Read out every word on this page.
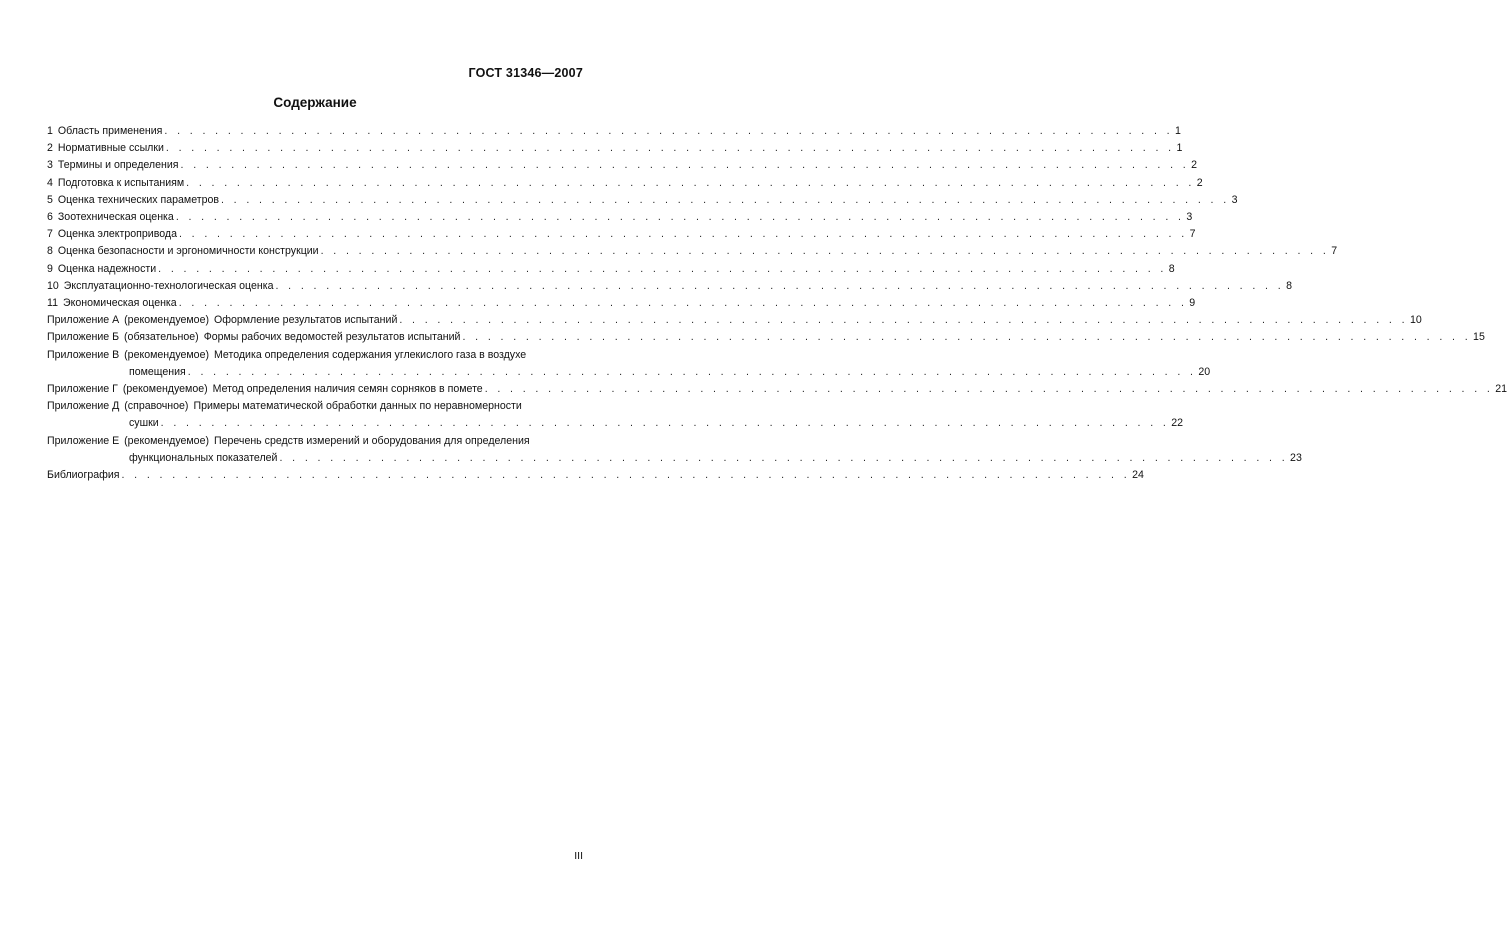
ГОСТ 31346—2007
Содержание
1 Область применения . . . . . . . . . . . . . . . . . . . . . . . . . . . . . . . . . . . . . . . . . . . . . . . . . . . . . . . . . . . . . . . . . . . . . . . . . . . . . . . . 1
2 Нормативные ссылки . . . . . . . . . . . . . . . . . . . . . . . . . . . . . . . . . . . . . . . . . . . . . . . . . . . . . . . . . . . . . . . . . . . . . . . . . . . . . . . . 1
3 Термины и определения . . . . . . . . . . . . . . . . . . . . . . . . . . . . . . . . . . . . . . . . . . . . . . . . . . . . . . . . . . . . . . . . . . . . . . . . . . . . . . . . 2
4 Подготовка к испытаниям . . . . . . . . . . . . . . . . . . . . . . . . . . . . . . . . . . . . . . . . . . . . . . . . . . . . . . . . . . . . . . . . . . . . . . . . . . . . . . . . 2
5 Оценка технических параметров . . . . . . . . . . . . . . . . . . . . . . . . . . . . . . . . . . . . . . . . . . . . . . . . . . . . . . . . . . . . . . . . . . . . . . . . . . . . . . . . 3
6 Зоотехническая оценка . . . . . . . . . . . . . . . . . . . . . . . . . . . . . . . . . . . . . . . . . . . . . . . . . . . . . . . . . . . . . . . . . . . . . . . . . . . . . . . . 3
7 Оценка электропривода . . . . . . . . . . . . . . . . . . . . . . . . . . . . . . . . . . . . . . . . . . . . . . . . . . . . . . . . . . . . . . . . . . . . . . . . . . . . . . . . 7
8 Оценка безопасности и эргономичности конструкции . . . . . . . . . . . . . . . . . . . . . . . . . . . . . . . . . . . . . . . . . . . . . . . . . . . . . . . . . . . . . . . . . . . . . . . . . . . . . . . . 7
9 Оценка надежности . . . . . . . . . . . . . . . . . . . . . . . . . . . . . . . . . . . . . . . . . . . . . . . . . . . . . . . . . . . . . . . . . . . . . . . . . . . . . . . . 8
10 Эксплуатационно-технологическая оценка . . . . . . . . . . . . . . . . . . . . . . . . . . . . . . . . . . . . . . . . . . . . . . . . . . . . . . . . . . . . . . . . . . . . . . . . . . . . . . . . 8
11 Экономическая оценка . . . . . . . . . . . . . . . . . . . . . . . . . . . . . . . . . . . . . . . . . . . . . . . . . . . . . . . . . . . . . . . . . . . . . . . . . . . . . . . . 9
Приложение А (рекомендуемое) Оформление результатов испытаний . . . . . . . . . . . . . . . . . . . . . . . . . . . . . . . . . . . . . . . . . . . . . . . . . . . . . . . . . . . . . . . . . . . . . . . . . . . . . . . . 10
Приложение Б (обязательное) Формы рабочих ведомостей результатов испытаний . . . . . . . . . . . . . . . . . . . . . . . . . . . . . . . . . . . . . . . . . . . . . . . . . . . . . . . . . . . . . . . . . . . . . . . . . . . . . . . . 15
Приложение В (рекомендуемое) Методика определения содержания углекислого газа в воздухе
помещения . . . . . . . . . . . . . . . . . . . . . . . . . . . . . . . . . . . . . . . . . . . . . . . . . . . . . . . . . . . . . . . . . . . . . . . . . . . . . . . . 20
Приложение Г (рекомендуемое) Метод определения наличия семян сорняков в помете . . . . . . . . . . . . . . . . . . . . . . . . . . . . . . . . . . . . . . . . . . . . . . . . . . . . . . . . . . . . . . . . . . . . . . . . . . . . . . . . 21
Приложение Д (справочное) Примеры математической обработки данных по неравномерности
сушки . . . . . . . . . . . . . . . . . . . . . . . . . . . . . . . . . . . . . . . . . . . . . . . . . . . . . . . . . . . . . . . . . . . . . . . . . . . . . . . . 22
Приложение Е (рекомендуемое) Перечень средств измерений и оборудования для определения
функциональных показателей . . . . . . . . . . . . . . . . . . . . . . . . . . . . . . . . . . . . . . . . . . . . . . . . . . . . . . . . . . . . . . . . . . . . . . . . . . . . . . . . 23
Библиография . . . . . . . . . . . . . . . . . . . . . . . . . . . . . . . . . . . . . . . . . . . . . . . . . . . . . . . . . . . . . . . . . . . . . . . . . . . . . . . . 24
III
